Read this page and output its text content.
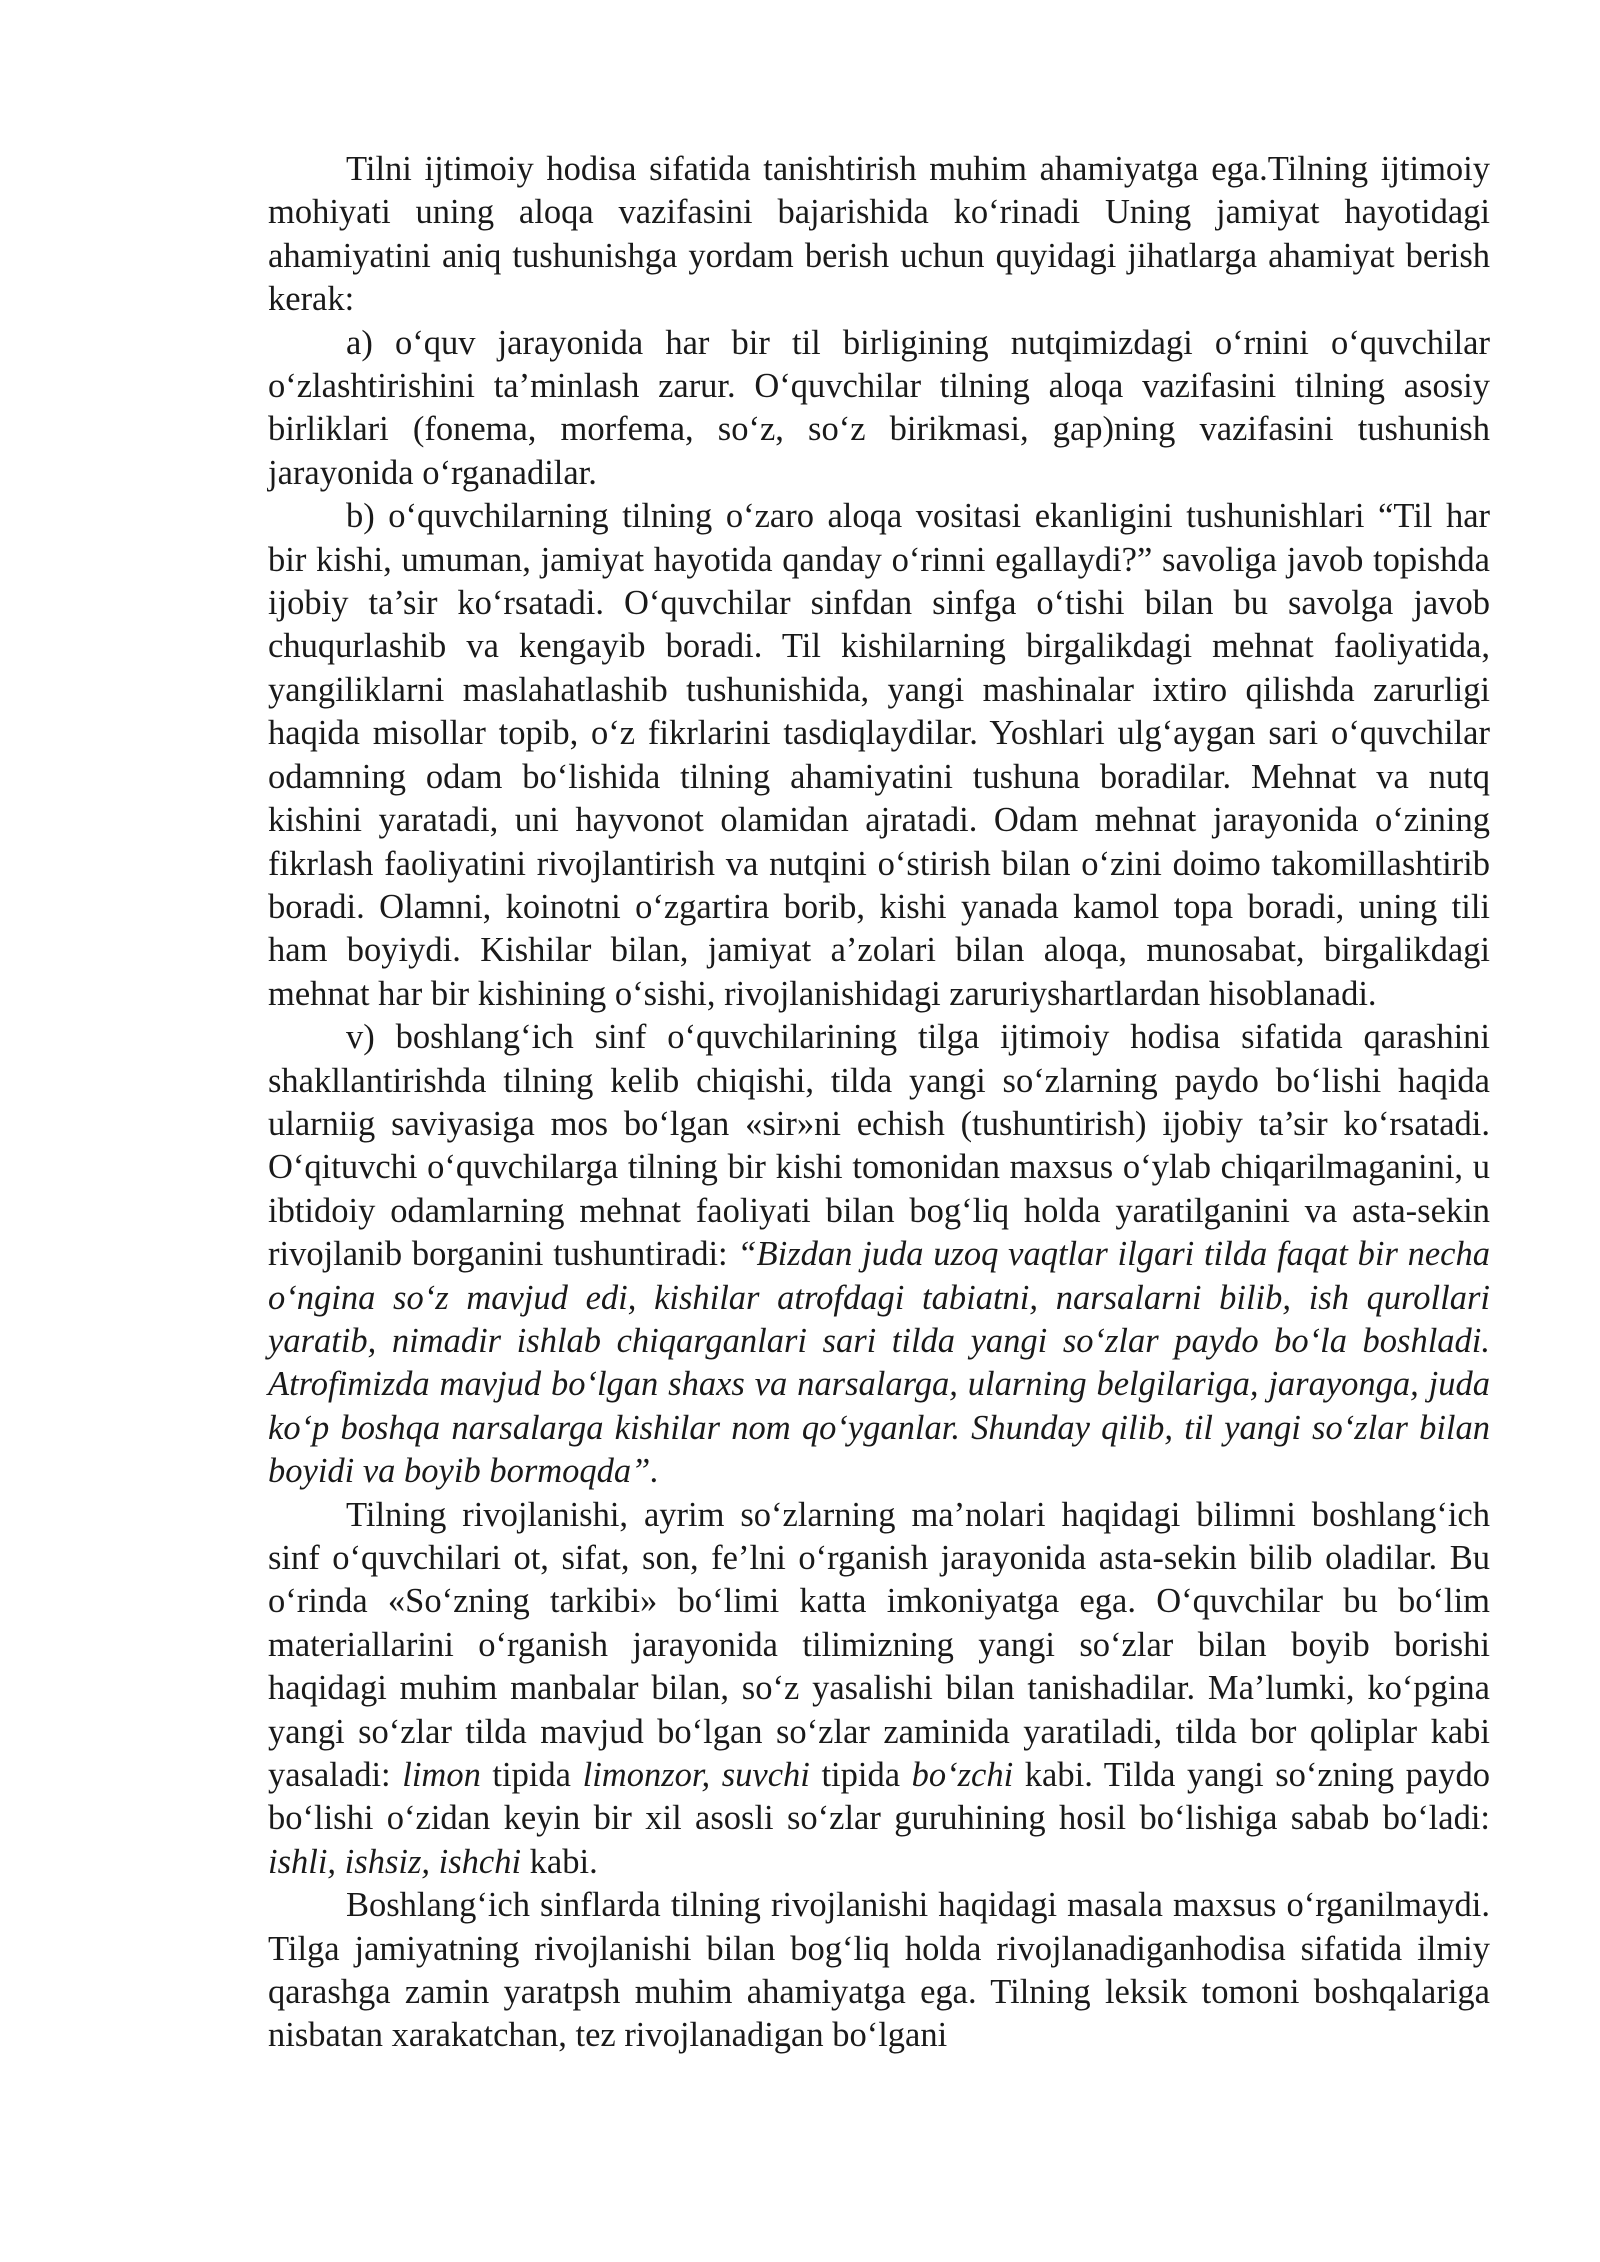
Tilni ijtimoiy hodisa sifatida tanishtirish muhim ahamiyatga ega.Tilning ijtimoiy mohiyati uning aloqa vazifasini bajarishida ko‘rinadi Uning jamiyat hayotidagi ahamiyatini aniq tushunishga yordam berish uchun quyidagi jihatlarga ahamiyat berish kerak:

a) o‘quv jarayonida har bir til birligining nutqimizdagi o‘rnini o‘quvchilar o‘zlashtirishini ta’minlash zarur. O‘quvchilar tilning aloqa vazifasini tilning asosiy birliklari (fonema, morfema, so‘z, so‘z birikmasi, gap)ning vazifasini tushunish jarayonida o‘rganadilar.

b) o‘quvchilarning tilning o‘zaro aloqa vositasi ekanligini tushunishlari “Til har bir kishi, umuman, jamiyat hayotida qanday o‘rinni egallaydi?” savoliga javob topishda ijobiy ta’sir ko‘rsatadi. O‘quvchilar sinfdan sinfga o‘tishi bilan bu savolga javob chuqurlashib va kengayib boradi. Til kishilarning birgalikdagi mehnat faoliyatida, yangiliklarni maslahatlashib tushunishida, yangi mashinalar ixtiro qilishda zarurligi haqida misollar topib, o‘z fikrlarini tasdiqlaydilar. Yoshlari ulg‘aygan sari o‘quvchilar odamning odam bo‘lishida tilning ahamiyatini tushuna boradilar. Mehnat va nutq kishini yaratadi, uni hayvonot olamidan ajratadi. Odam mehnat jarayonida o‘zining fikrlash faoliyatini rivojlantirish va nutqini o‘stirish bilan o‘zini doimo takomillashtirib boradi. Olamni, koinotni o‘zgartira borib, kishi yanada kamol topa boradi, uning tili ham boyiydi. Kishilar bilan, jamiyat a’zolari bilan aloqa, munosabat, birgalikdagi mehnat har bir kishining o‘sishi, rivojlanishidagi zaruriyshartlardan hisoblanadi.

v) boshlang‘ich sinf o‘quvchilarining tilga ijtimoiy hodisa sifatida qarashini shakllantirishda tilning kelib chiqishi, tilda yangi so‘zlarning paydo bo‘lishi haqida ularniig saviyasiga mos bo‘lgan «sir»ni echish (tushuntirish) ijobiy ta’sir ko‘rsatadi. O‘qituvchi o‘quvchilarga tilning bir kishi tomonidan maxsus o‘ylab chiqarilmaganini, u ibtidoiy odamlarning mehnat faoliyati bilan bog‘liq holda yaratilganini va asta-sekin rivojlanib borganini tushuntiradi: “Bizdan juda uzoq vaqtlar ilgari tilda faqat bir necha o‘ngina so‘z mavjud edi, kishilar atrofdagi tabiatni, narsalarni bilib, ish qurollari yaratib, nimadir ishlab chiqarganlari sari tilda yangi so‘zlar paydo bo‘la boshladi. Atrofimizda mavjud bo‘lgan shaxs va narsalarga, ularning belgilariga, jarayonga, juda ko‘p boshqa narsalarga kishilar nom qo‘yganlar. Shunday qilib, til yangi so‘zlar bilan boyidi va boyib bormoqda”.

Tilning rivojlanishi, ayrim so‘zlarning ma’nolari haqidagi bilimni boshlang‘ich sinf o‘quvchilari ot, sifat, son, fe’lni o‘rganish jarayonida asta-sekin bilib oladilar. Bu o‘rinda «So‘zning tarkibi» bo‘limi katta imkoniyatga ega. O‘quvchilar bu bo‘lim materiallarini o‘rganish jarayonida tilimizning yangi so‘zlar bilan boyib borishi haqidagi muhim manbalar bilan, so‘z yasalishi bilan tanishadilar. Ma’lumki, ko‘pgina yangi so‘zlar tilda mavjud bo‘lgan so‘zlar zaminida yaratiladi, tilda bor qoliplar kabi yasaladi: limon tipida limonzor, suvchi tipida bo‘zchi kabi. Tilda yangi so‘zning paydo bo‘lishi o‘zidan keyin bir xil asosli so‘zlar guruhining hosil bo‘lishiga sabab bo‘ladi: ishli, ishsiz, ishchi kabi.

Boshlang‘ich sinflarda tilning rivojlanishi haqidagi masala maxsus o‘rganilmaydi. Tilga jamiyatning rivojlanishi bilan bog‘liq holda rivojlanadiganhodisa sifatida ilmiy qarashga zamin yaratpsh muhim ahamiyatga ega. Tilning leksik tomoni boshqalariga nisbatan xarakatchan, tez rivojlanadigan bo‘lgani
